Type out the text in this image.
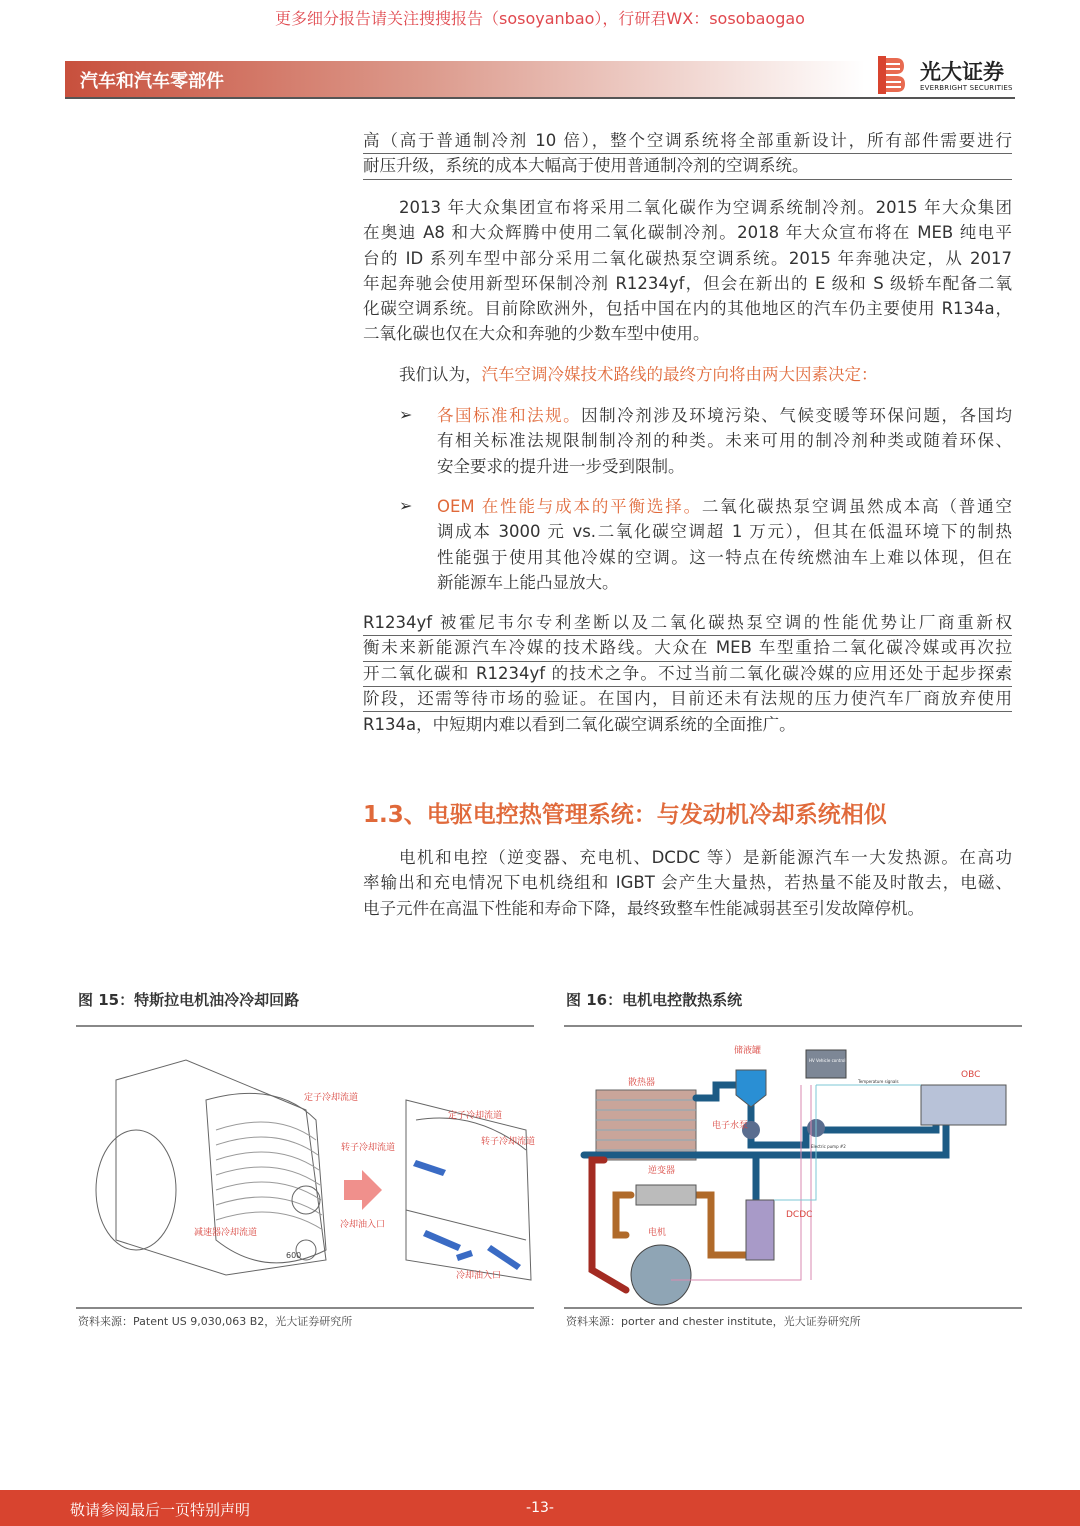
更多细分报告请关注搜搜报告（sosoyanbao），行研君WX：sosobaogao
汽车和汽车零部件	光大证券
EVERBRIGHT SECURITIES
高（高于普通制冷剂 10 倍），整个空调系统将全部重新设计，所有部件需要进行
耐压升级，系统的成本大幅高于使用普通制冷剂的空调系统。
2013 年大众集团宣布将采用二氧化碳作为空调系统制冷剂。2015 年大众集团
在奥迪 A8 和大众辉腾中使用二氧化碳制冷剂。2018 年大众宣布将在 MEB 纯电平
台的 ID 系列车型中部分采用二氧化碳热泵空调系统。2015 年奔驰决定，从 2017
年起奔驰会使用新型环保制冷剂 R1234yf，但会在新出的 E 级和 S 级轿车配备二氧
化碳空调系统。目前除欧洲外，包括中国在内的其他地区的汽车仍主要使用 R134a，
二氧化碳也仅在大众和奔驰的少数车型中使用。
我们认为，汽车空调冷媒技术路线的最终方向将由两大因素决定：
➢ 各国标准和法规。因制冷剂涉及环境污染、气候变暖等环保问题，各国均
有相关标准法规限制制冷剂的种类。未来可用的制冷剂种类或随着环保、
安全要求的提升进一步受到限制。
➢ OEM 在性能与成本的平衡选择。二氧化碳热泵空调虽然成本高（普通空
调成本 3000 元 vs.二氧化碳空调超 1 万元），但其在低温环境下的制热
性能强于使用其他冷媒的空调。这一特点在传统燃油车上难以体现，但在
新能源车上能凸显放大。
R1234yf 被霍尼韦尔专利垄断以及二氧化碳热泵空调的性能优势让厂商重新权
衡未来新能源汽车冷媒的技术路线。大众在 MEB 车型重拾二氧化碳冷媒或再次拉
开二氧化碳和 R1234yf 的技术之争。不过当前二氧化碳冷媒的应用还处于起步探索
阶段，还需等待市场的验证。在国内，目前还未有法规的压力使汽车厂商放弃使用
R134a，中短期内难以看到二氧化碳空调系统的全面推广。
1.3、电驱电控热管理系统：与发动机冷却系统相似
电机和电控（逆变器、充电机、DCDC 等）是新能源汽车一大发热源。在高功
率输出和充电情况下电机绕组和 IGBT 会产生大量热，若热量不能及时散去，电磁、
电子元件在高温下性能和寿命下降，最终致整车性能减弱甚至引发故障停机。
图 15：特斯拉电机油冷冷却回路	图 16：电机电控散热系统
定子冷却流道
转子冷却流道
减速器冷却流道
冷却油入口
600
定子冷却流道
转子冷却流道
冷却油入口
HV Vehicle control module
Temperature signals
Electric pump #2
储液罐
散热器
电子水泵
逆变器
电机
DCDC
OBC
资料来源：Patent US 9,030,063 B2，光大证券研究所	资料来源：porter and chester institute，光大证券研究所
敬请参阅最后一页特别声明	-13-
